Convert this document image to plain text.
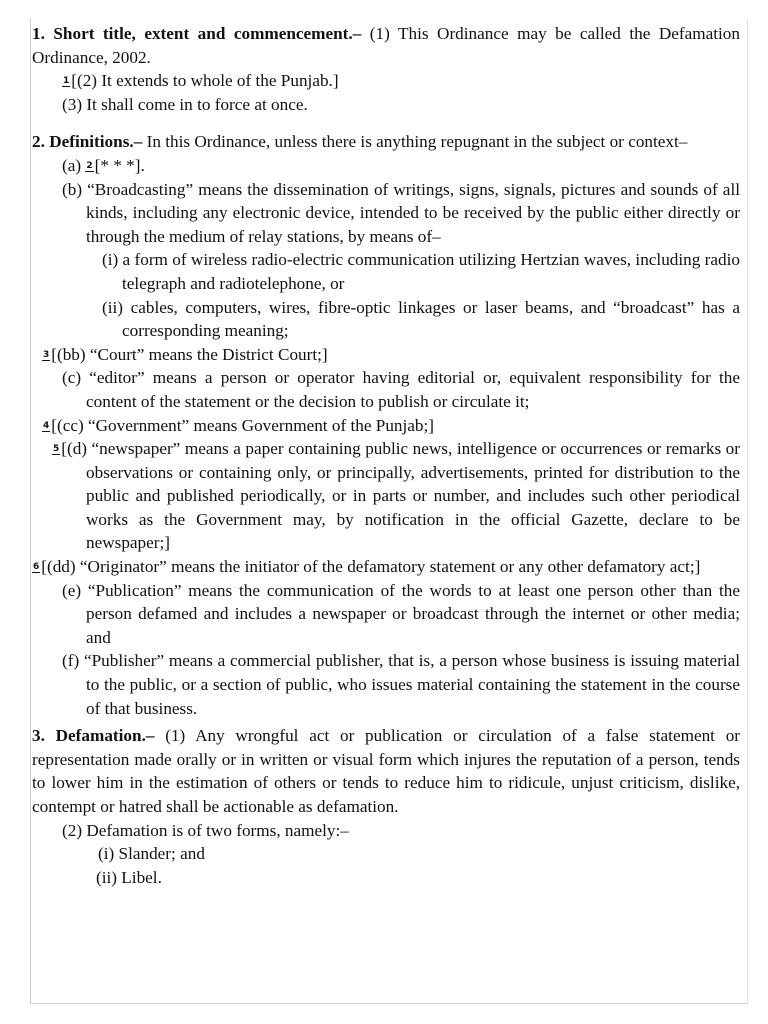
1. Short title, extent and commencement.– (1) This Ordinance may be called the Defamation Ordinance, 2002.

1 [(2) It extends to whole of the Punjab.]

(3) It shall come in to force at once.

2. Definitions.– In this Ordinance, unless there is anything repugnant in the subject or context–

(a) 2 [* * *].

(b) “Broadcasting” means the dissemination of writings, signs, signals, pictures and sounds of all kinds, including any electronic device, intended to be received by the public either directly or through the medium of relay stations, by means of–

(i) a form of wireless radio-electric communication utilizing Hertzian waves, including radio telegraph and radiotelephone, or

(ii) cables, computers, wires, fibre-optic linkages or laser beams, and “broadcast” has a corresponding meaning;

3 [(bb) “Court” means the District Court;]

(c) “editor” means a person or operator having editorial or, equivalent responsibility for the content of the statement or the decision to publish or circulate it;

4 [(cc) “Government” means Government of the Punjab;]

5 [(d) “newspaper” means a paper containing public news, intelligence or occurrences or remarks or observations or containing only, or principally, advertisements, printed for distribution to the public and published periodically, or in parts or number, and includes such other periodical works as the Government may, by notification in the official Gazette, declare to be newspaper;]

6 [(dd) “Originator” means the initiator of the defamatory statement or any other defamatory act;]

(e) “Publication” means the communication of the words to at least one person other than the person defamed and includes a newspaper or broadcast through the internet or other media; and

(f) “Publisher” means a commercial publisher, that is, a person whose business is issuing material to the public, or a section of public, who issues material containing the statement in the course of that business.

3. Defamation.– (1) Any wrongful act or publication or circulation of a false statement or representation made orally or in written or visual form which injures the reputation of a person, tends to lower him in the estimation of others or tends to reduce him to ridicule, unjust criticism, dislike, contempt or hatred shall be actionable as defamation.

(2) Defamation is of two forms, namely:–

(i) Slander; and

(ii) Libel.
